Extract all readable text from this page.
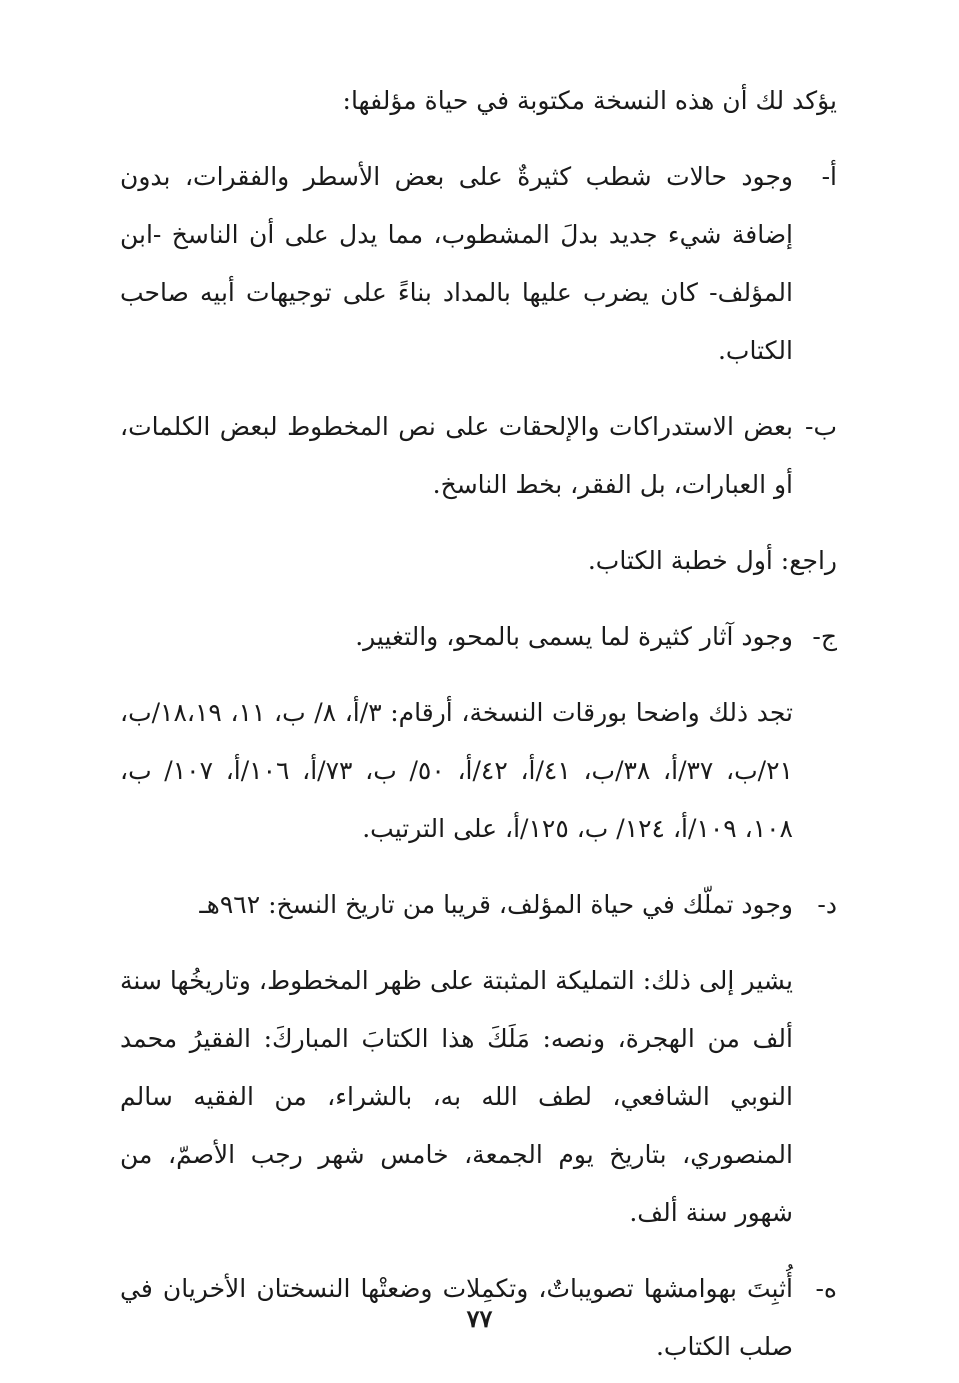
يؤكد لك أن هذه النسخة مكتوبة في حياة مؤلفها:

أ-
وجود حالات شطب كثيرةٌ على بعض الأسطر والفقرات، بدون إضافة شيء جديد بدلَ المشطوب، مما يدل على أن الناسخ -ابن المؤلف- كان يضرب عليها بالمداد بناءً على توجيهات أبيه صاحب الكتاب.
ب-
بعض الاستدراكات والإلحقات على نص المخطوط لبعض الكلمات، أو العبارات، بل الفقر، بخط الناسخ.

راجع: أول خطبة الكتاب.

ج-
وجود آثار كثيرة لما يسمى بالمحو، والتغيير.

تجد ذلك واضحا بورقات النسخة، أرقام: ٣/أ، ٨/ ب، ١١، ١٨،١٩/ب، ٢١/ب، ٣٧/أ، ٣٨/ب، ٤١/أ، ٤٢/أ، ٥٠/ ب، ٧٣/أ، ١٠٦/أ، ١٠٧/ ب، ١٠٨، ١٠٩/أ، ١٢٤/ ب، ١٢٥/أ، على الترتيب.

د-
وجود تملّك في حياة المؤلف، قريبا من تاريخ النسخ: ٩٦٢هـ

يشير إلى ذلك: التمليكة المثبتة على ظهر المخطوط، وتاريخُها سنة ألف من الهجرة، ونصه: مَلَكَ هذا الكتابَ المباركَ: الفقيرُ محمد النوبي الشافعي، لطف الله به، بالشراء، من الفقيه سالم المنصوري، بتاريخ يوم الجمعة، خامس شهر رجب الأصمّ، من شهور سنة ألف.

ه-
أُثبِتَ بهوامشها تصويباتٌ، وتكمِلات وضعتْها النسختان الأخريان في صلب الكتاب.
٧٧
